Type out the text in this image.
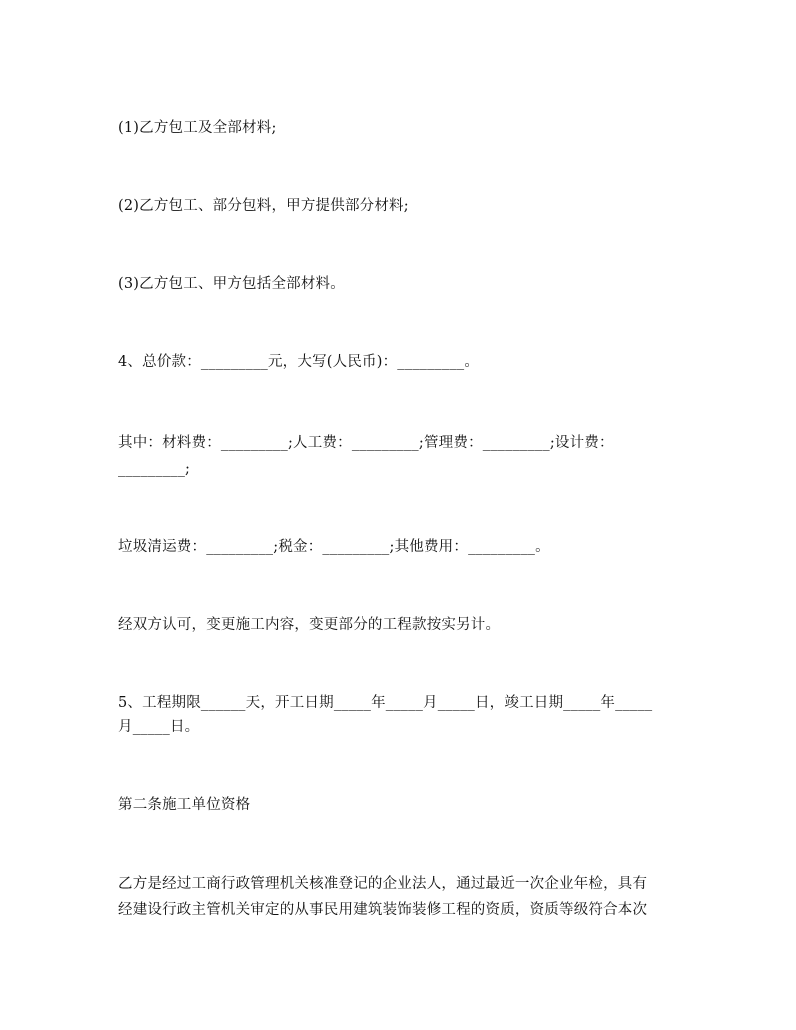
(1)乙方包工及全部材料;

(2)乙方包工、部分包料，甲方提供部分材料;

(3)乙方包工、甲方包括全部材料。

4、总价款：_________元，大写(人民币)：_________。

其中：材料费：_________;人工费：_________;管理费：_________;设计费：

_________;

垃圾清运费：_________;税金：_________;其他费用：_________。

经双方认可，变更施工内容，变更部分的工程款按实另计。

5、工程期限______天，开工日期_____年_____月_____日，竣工日期_____年_____

月_____日。

第二条施工单位资格

乙方是经过工商行政管理机关核准登记的企业法人，通过最近一次企业年检，具有

经建设行政主管机关审定的从事民用建筑装饰装修工程的资质，资质等级符合本次
